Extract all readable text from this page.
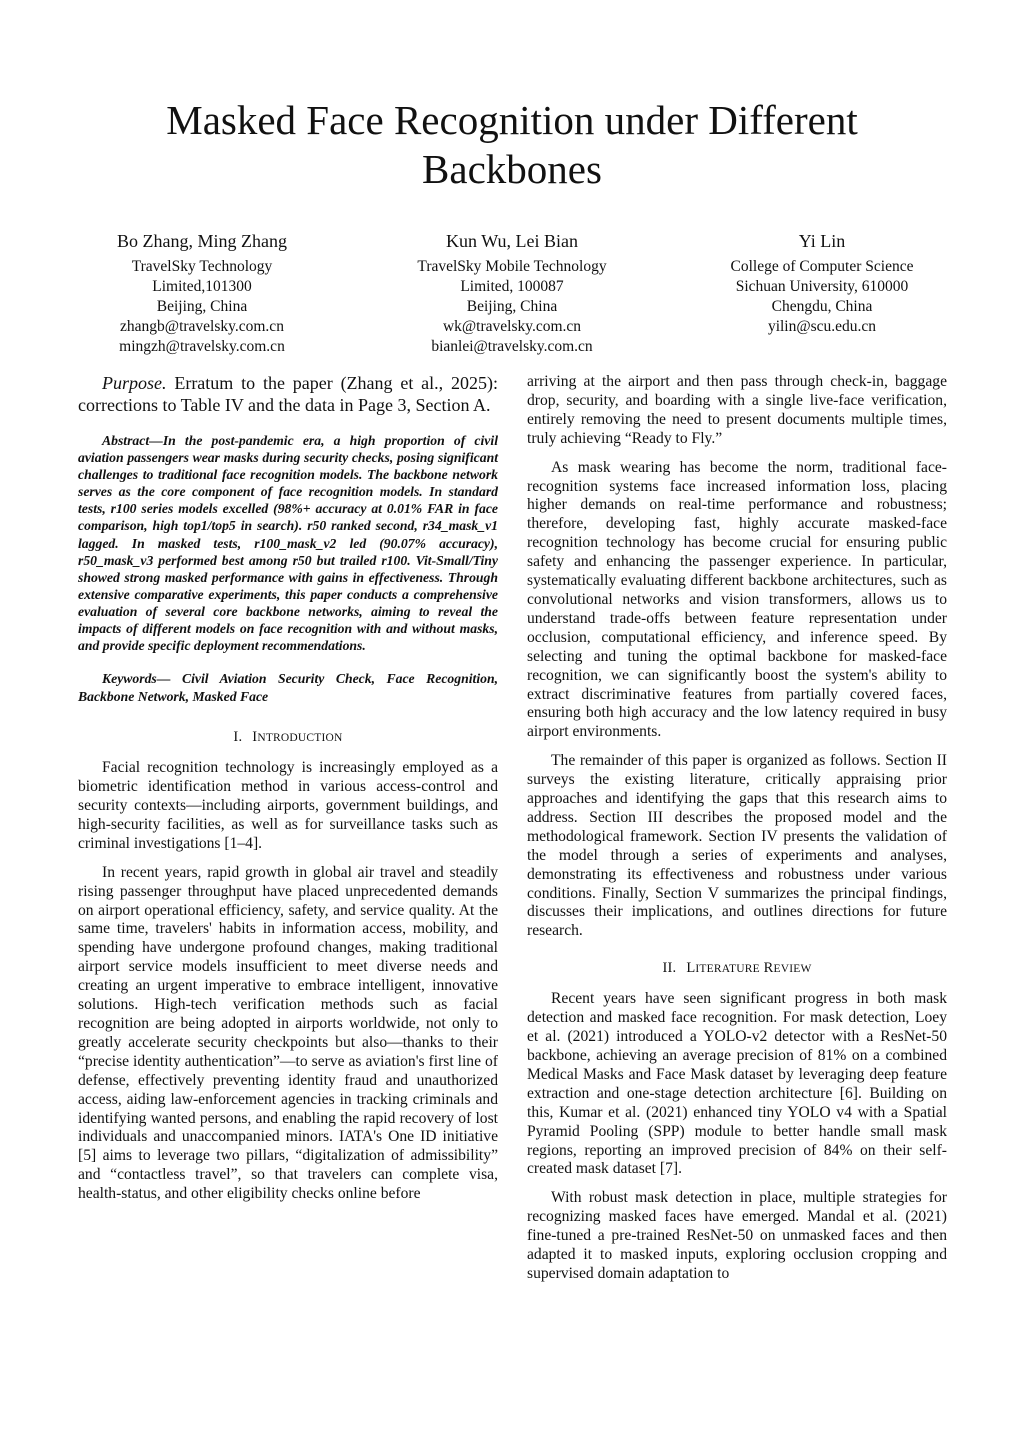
Masked Face Recognition under Different Backbones
Bo Zhang, Ming Zhang
TravelSky Technology
Limited,101300
Beijing, China
zhangb@travelsky.com.cn
mingzh@travelsky.com.cn
Kun Wu, Lei Bian
TravelSky Mobile Technology
Limited, 100087
Beijing, China
wk@travelsky.com.cn
bianlei@travelsky.com.cn
Yi Lin
College of Computer Science
Sichuan University, 610000
Chengdu, China
yilin@scu.edu.cn

Purpose. Erratum to the paper (Zhang et al., 2025): corrections to Table IV and the data in Page 3, Section A.

Abstract—In the post-pandemic era, a high proportion of civil aviation passengers wear masks during security checks, posing significant challenges to traditional face recognition models. The backbone network serves as the core component of face recognition models. In standard tests, r100 series models excelled (98%+ accuracy at 0.01% FAR in face comparison, high top1/top5 in search). r50 ranked second, r34_mask_v1 lagged. In masked tests, r100_mask_v2 led (90.07% accuracy), r50_mask_v3 performed best among r50 but trailed r100. Vit-Small/Tiny showed strong masked performance with gains in effectiveness. Through extensive comparative experiments, this paper conducts a comprehensive evaluation of several core backbone networks, aiming to reveal the impacts of different models on face recognition with and without masks, and provide specific deployment recommendations.

Keywords— Civil Aviation Security Check, Face Recognition, Backbone Network, Masked Face

I. INTRODUCTION

Facial recognition technology is increasingly employed as a biometric identification method in various access-control and security contexts—including airports, government buildings, and high-security facilities, as well as for surveillance tasks such as criminal investigations [1–4].

In recent years, rapid growth in global air travel and steadily rising passenger throughput have placed unprecedented demands on airport operational efficiency, safety, and service quality. At the same time, travelers' habits in information access, mobility, and spending have undergone profound changes, making traditional airport service models insufficient to meet diverse needs and creating an urgent imperative to embrace intelligent, innovative solutions. High-tech verification methods such as facial recognition are being adopted in airports worldwide, not only to greatly accelerate security checkpoints but also—thanks to their “precise identity authentication”—to serve as aviation's first line of defense, effectively preventing identity fraud and unauthorized access, aiding law-enforcement agencies in tracking criminals and identifying wanted persons, and enabling the rapid recovery of lost individuals and unaccompanied minors. IATA's One ID initiative [5] aims to leverage two pillars, “digitalization of admissibility” and “contactless travel”, so that travelers can complete visa, health-status, and other eligibility checks online before

arriving at the airport and then pass through check-in, baggage drop, security, and boarding with a single live-face verification, entirely removing the need to present documents multiple times, truly achieving “Ready to Fly.”

As mask wearing has become the norm, traditional face-recognition systems face increased information loss, placing higher demands on real-time performance and robustness; therefore, developing fast, highly accurate masked-face recognition technology has become crucial for ensuring public safety and enhancing the passenger experience. In particular, systematically evaluating different backbone architectures, such as convolutional networks and vision transformers, allows us to understand trade-offs between feature representation under occlusion, computational efficiency, and inference speed. By selecting and tuning the optimal backbone for masked-face recognition, we can significantly boost the system's ability to extract discriminative features from partially covered faces, ensuring both high accuracy and the low latency required in busy airport environments.

The remainder of this paper is organized as follows. Section II surveys the existing literature, critically appraising prior approaches and identifying the gaps that this research aims to address. Section III describes the proposed model and the methodological framework. Section IV presents the validation of the model through a series of experiments and analyses, demonstrating its effectiveness and robustness under various conditions. Finally, Section V summarizes the principal findings, discusses their implications, and outlines directions for future research.

II. LITERATURE REVIEW

Recent years have seen significant progress in both mask detection and masked face recognition. For mask detection, Loey et al. (2021) introduced a YOLO-v2 detector with a ResNet-50 backbone, achieving an average precision of 81% on a combined Medical Masks and Face Mask dataset by leveraging deep feature extraction and one-stage detection architecture [6]. Building on this, Kumar et al. (2021) enhanced tiny YOLO v4 with a Spatial Pyramid Pooling (SPP) module to better handle small mask regions, reporting an improved precision of 84% on their self-created mask dataset [7].

With robust mask detection in place, multiple strategies for recognizing masked faces have emerged. Mandal et al. (2021) fine-tuned a pre-trained ResNet-50 on unmasked faces and then adapted it to masked inputs, exploring occlusion cropping and supervised domain adaptation to
